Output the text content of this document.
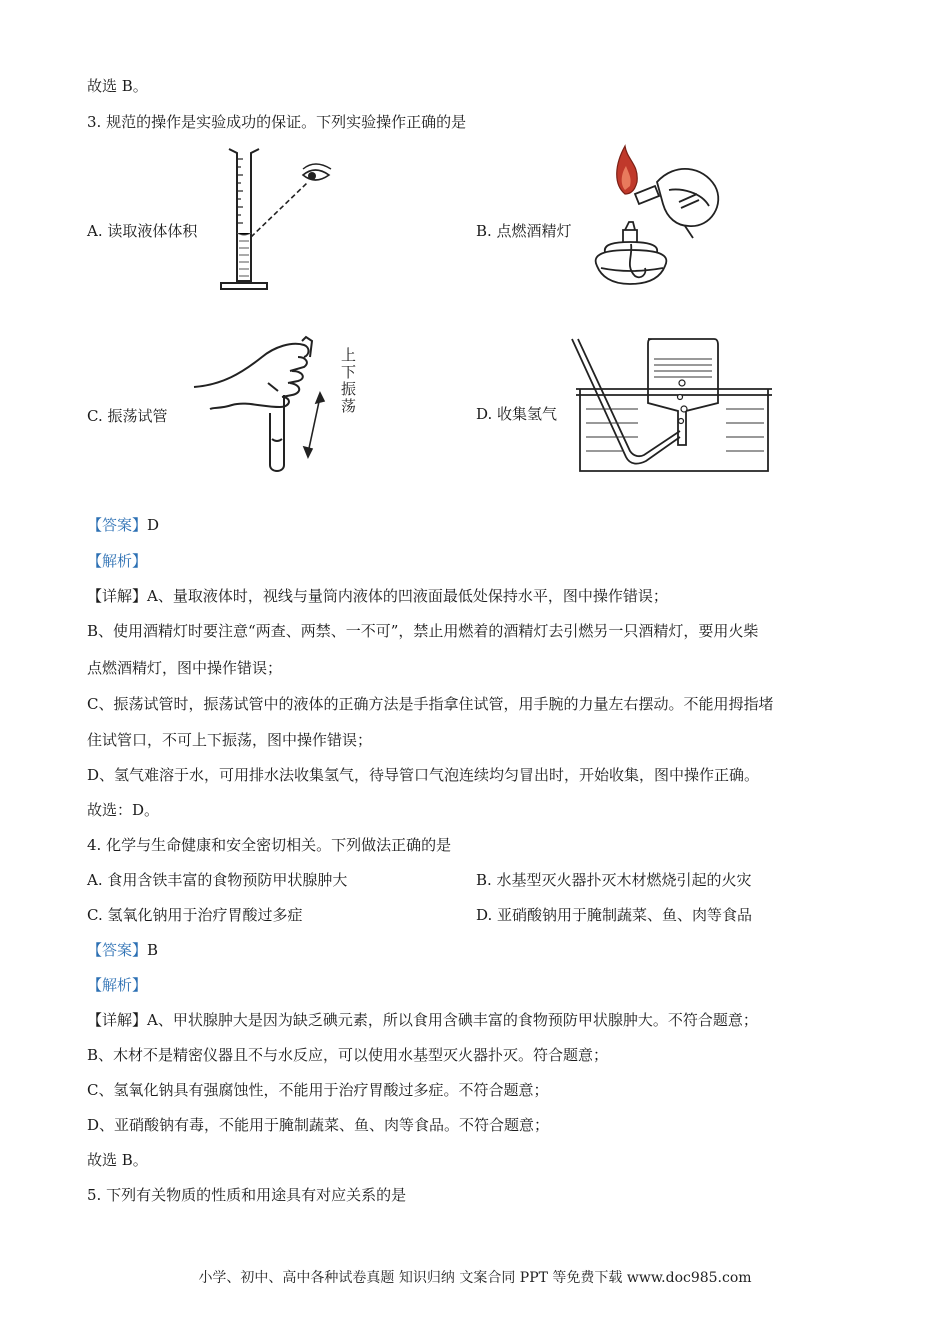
故选 B。
3. 规范的操作是实验成功的保证。下列实验操作正确的是
A. 读取液体体积	B. 点燃酒精灯
C. 振荡试管	D. 收集氢气
上下振荡
【答案】D
【解析】
【详解】A、量取液体时，视线与量筒内液体的凹液面最低处保持水平，图中操作错误；
B、使用酒精灯时要注意“两查、两禁、一不可”，禁止用燃着的酒精灯去引燃另一只酒精灯，要用火柴
点燃酒精灯，图中操作错误；
C、振荡试管时，振荡试管中的液体的正确方法是手指拿住试管，用手腕的力量左右摆动。不能用拇指堵
住试管口，不可上下振荡，图中操作错误；
D、氢气难溶于水，可用排水法收集氢气，待导管口气泡连续均匀冒出时，开始收集，图中操作正确。
故选：D。
4. 化学与生命健康和安全密切相关。下列做法正确的是
A. 食用含铁丰富的食物预防甲状腺肿大	B. 水基型灭火器扑灭木材燃烧引起的火灾
C. 氢氧化钠用于治疗胃酸过多症	D. 亚硝酸钠用于腌制蔬菜、鱼、肉等食品
【答案】B
【解析】
【详解】A、甲状腺肿大是因为缺乏碘元素，所以食用含碘丰富的食物预防甲状腺肿大。不符合题意；
B、木材不是精密仪器且不与水反应，可以使用水基型灭火器扑灭。符合题意；
C、氢氧化钠具有强腐蚀性，不能用于治疗胃酸过多症。不符合题意；
D、亚硝酸钠有毒，不能用于腌制蔬菜、鱼、肉等食品。不符合题意；
故选 B。
5. 下列有关物质的性质和用途具有对应关系的是
小学、初中、高中各种试卷真题 知识归纳 文案合同 PPT 等免费下载 www.doc985.com
